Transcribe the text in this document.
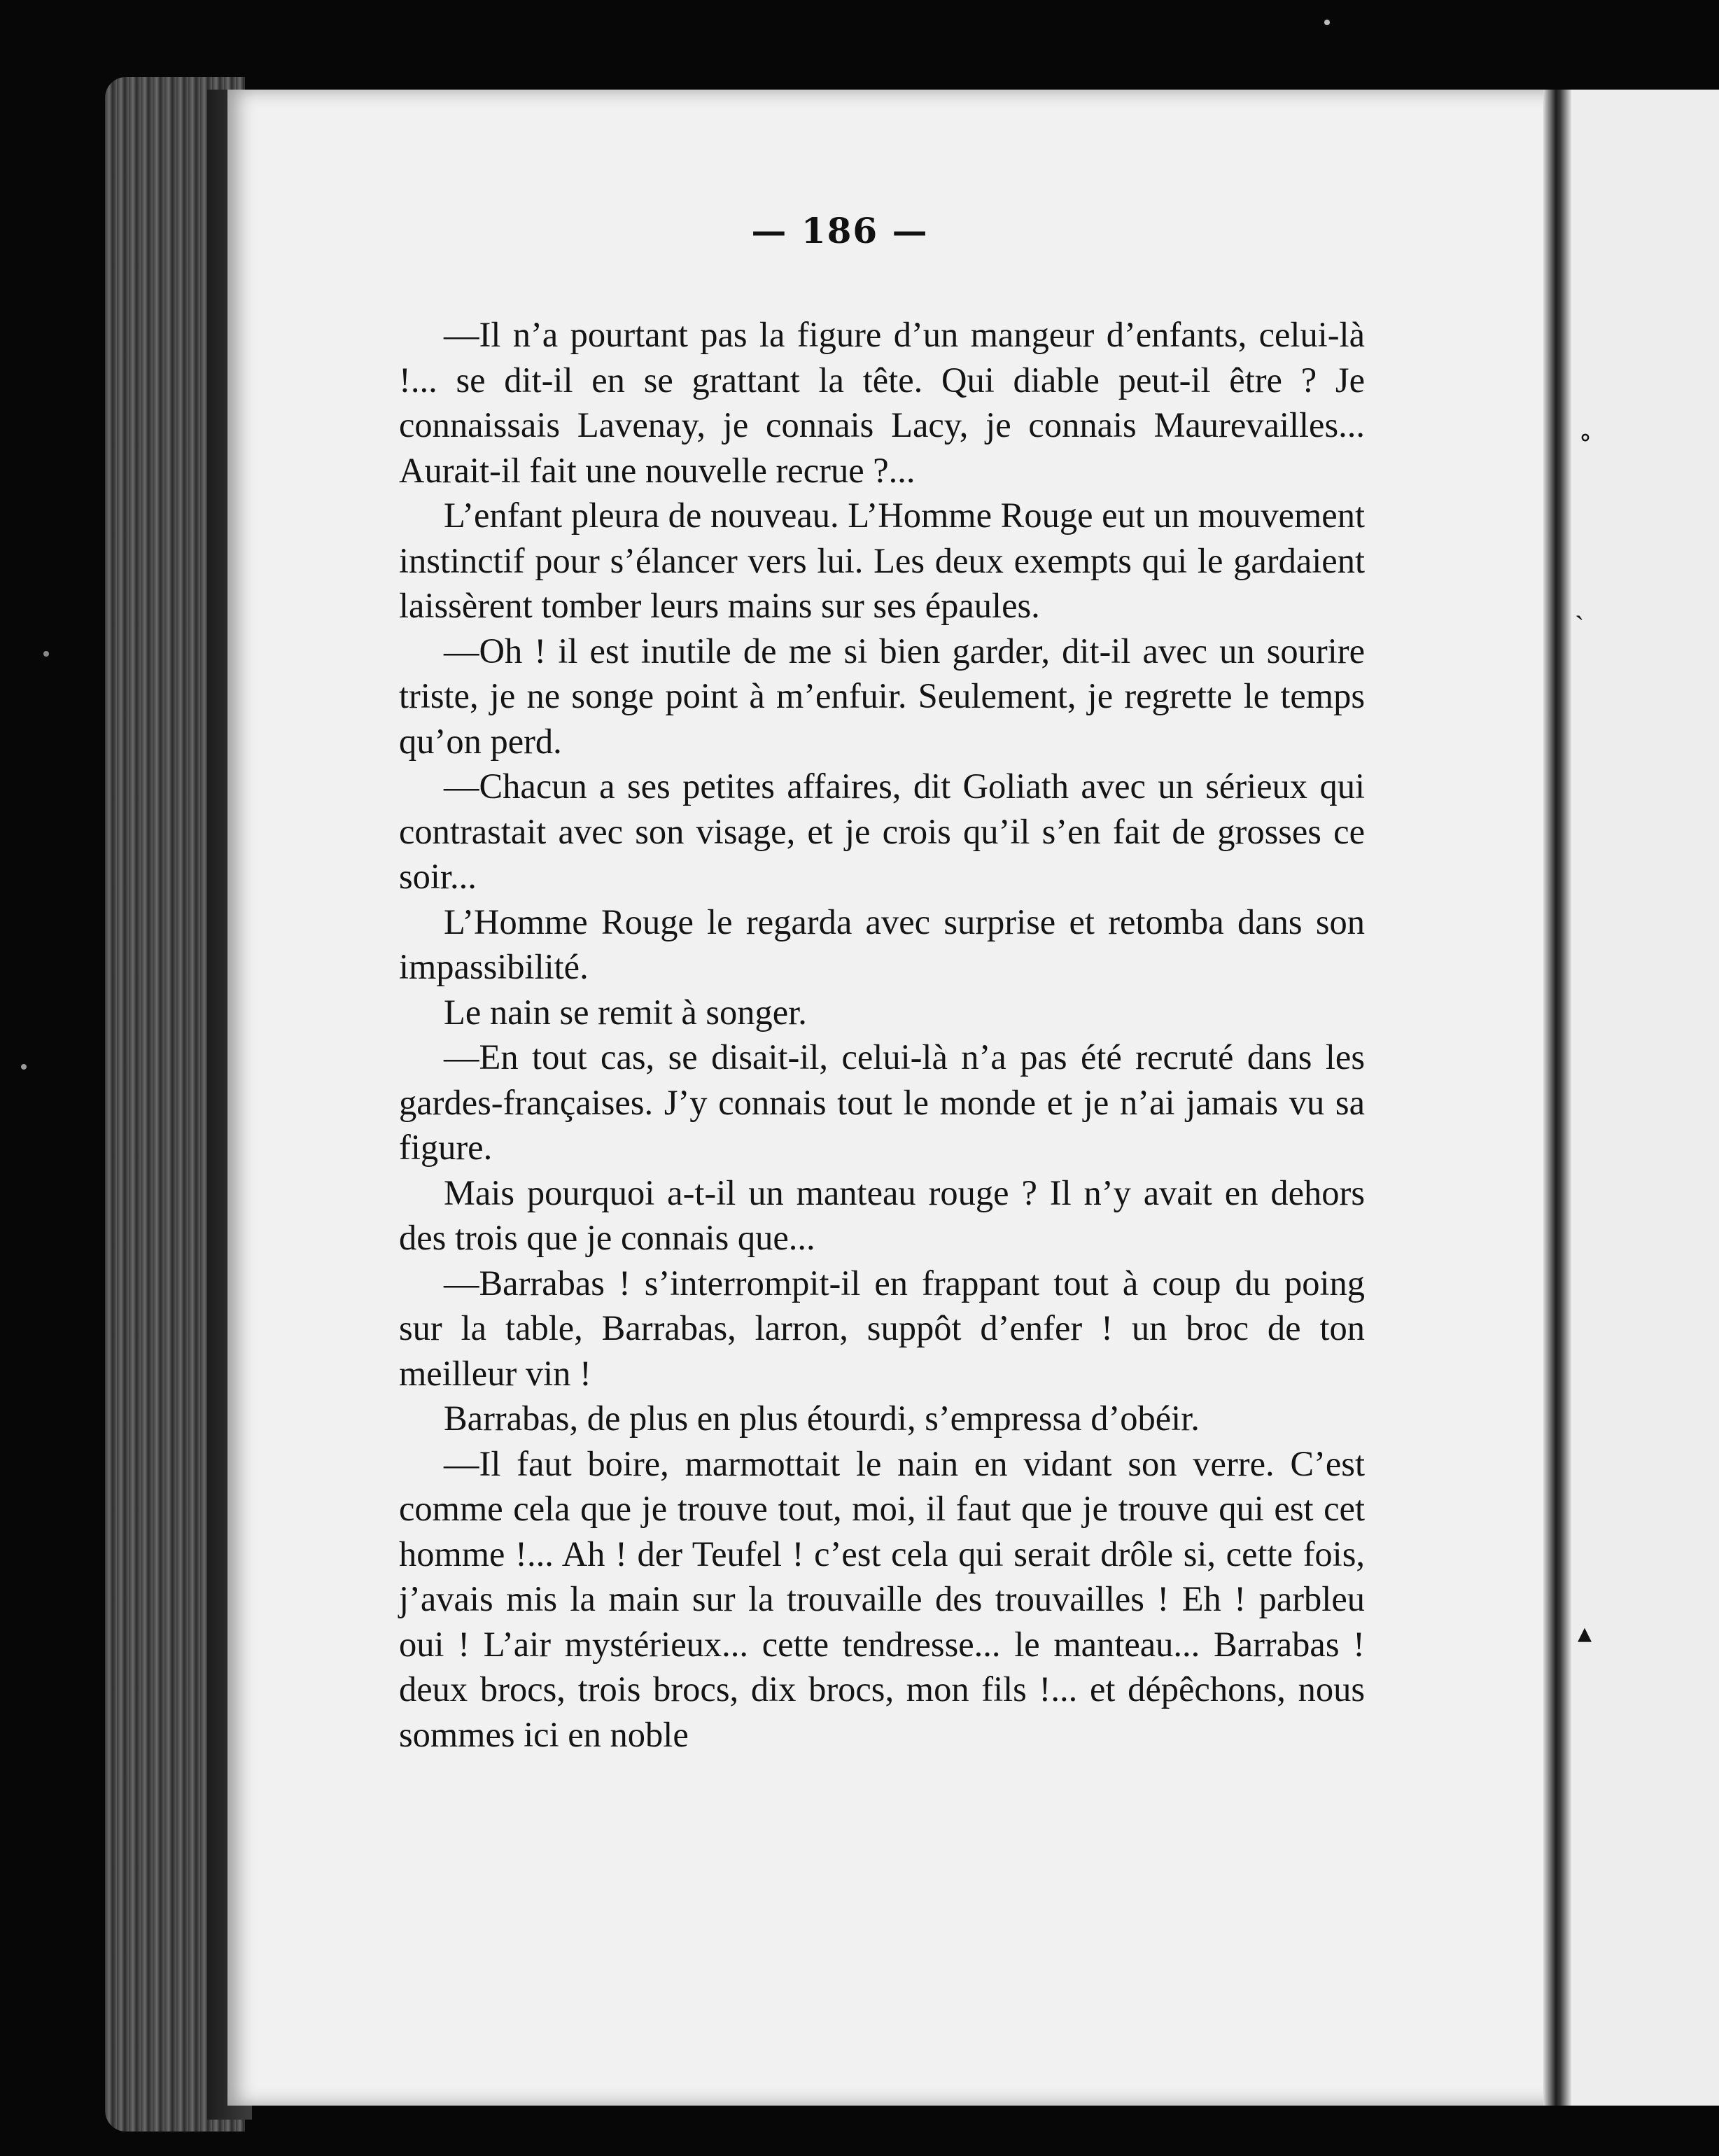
˳
ˎ
▴
— 186 —

—Il n’a pourtant pas la figure d’un mangeur d’enfants, celui-là !... se dit-il en se grattant la tête. Qui diable peut-il être ? Je connaissais Lavenay, je connais Lacy, je connais Maurevailles... Aurait-il fait une nouvelle recrue ?...

L’enfant pleura de nouveau. L’Homme Rouge eut un mouvement instinctif pour s’élancer vers lui. Les deux exempts qui le gardaient laissèrent tomber leurs mains sur ses épaules.

—Oh ! il est inutile de me si bien garder, dit-il avec un sourire triste, je ne songe point à m’enfuir. Seulement, je regrette le temps qu’on perd.

—Chacun a ses petites affaires, dit Goliath avec un sérieux qui contrastait avec son visage, et je crois qu’il s’en fait de grosses ce soir...

L’Homme Rouge le regarda avec surprise et retomba dans son impassibilité.

Le nain se remit à songer.

—En tout cas, se disait-il, celui-là n’a pas été recruté dans les gardes-françaises. J’y connais tout le monde et je n’ai jamais vu sa figure.

Mais pourquoi a-t-il un manteau rouge ? Il n’y avait en dehors des trois que je connais que...

—Barrabas ! s’interrompit-il en frappant tout à coup du poing sur la table, Barrabas, larron, suppôt d’enfer ! un broc de ton meilleur vin !

Barrabas, de plus en plus étourdi, s’empressa d’obéir.

—Il faut boire, marmottait le nain en vidant son verre. C’est comme cela que je trouve tout, moi, il faut que je trouve qui est cet homme !... Ah ! der Teufel ! c’est cela qui serait drôle si, cette fois, j’avais mis la main sur la trouvaille des trouvailles ! Eh ! parbleu oui ! L’air mystérieux... cette tendresse... le manteau... Barrabas ! deux brocs, trois brocs, dix brocs, mon fils !... et dépêchons, nous sommes ici en noble
